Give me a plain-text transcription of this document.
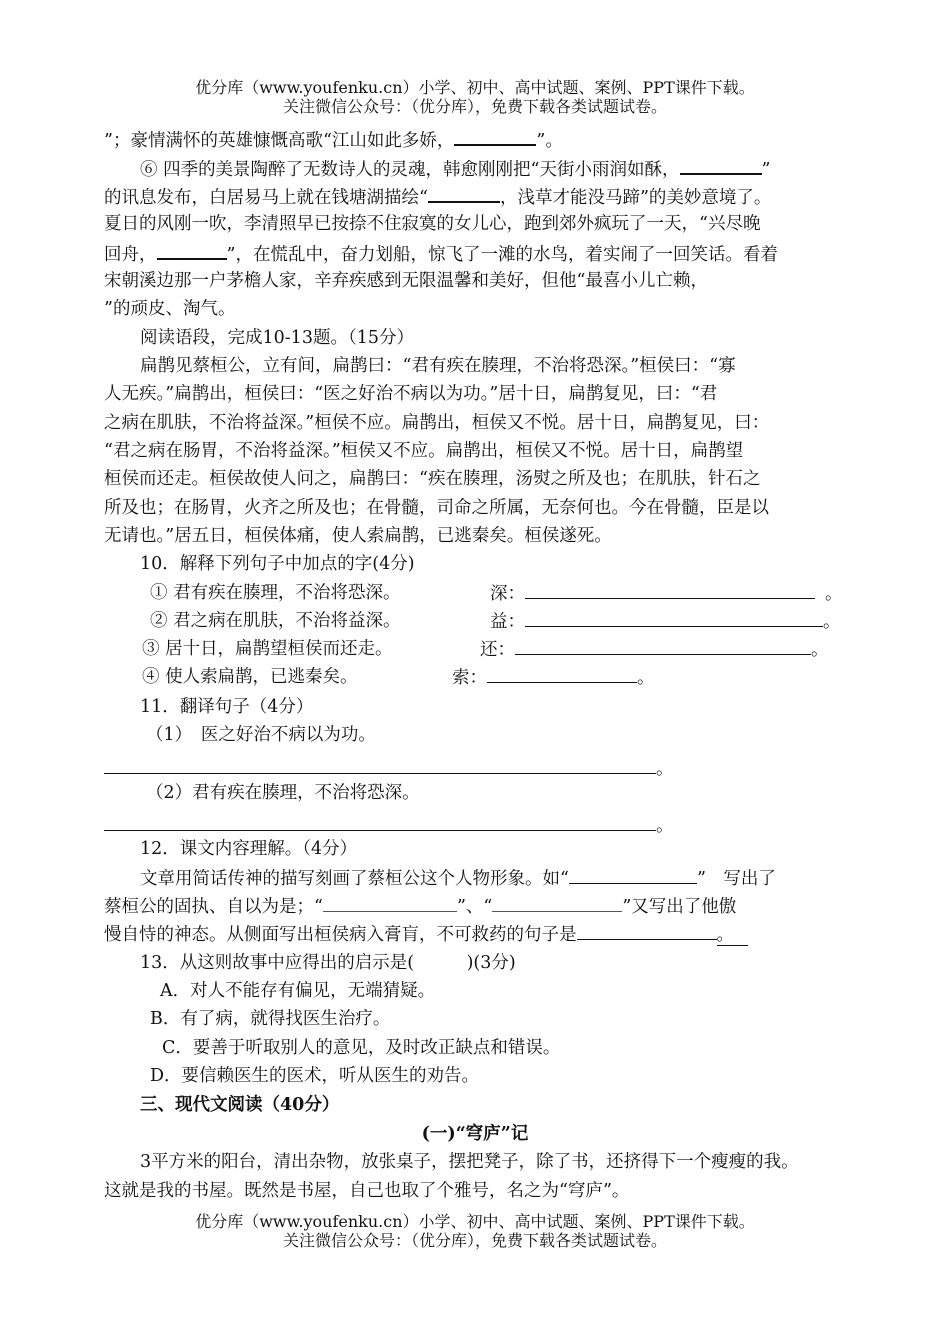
优分库（www.youfenku.cn）小学、初中、高中试题、案例、PPT课件下载。
关注微信公众号：（优分库），免费下载各类试题试卷。
”；豪情满怀的英雄慷慨高歌“江山如此多娇，	”。
⑥ 四季的美景陶醉了无数诗人的灵魂，韩愈刚刚把“天街小雨润如酥，	”
的讯息发布，白居易马上就在钱塘湖描绘“	，浅草才能没马蹄”的美妙意境了。
夏日的风刚一吹，李清照早已按捺不住寂寞的女儿心，跑到郊外疯玩了一天，“兴尽晚
回舟，	”，在慌乱中，奋力划船，惊飞了一滩的水鸟，着实闹了一回笑话。看着
宋朝溪边那一户茅檐人家，辛弃疾感到无限温馨和美好，但他“最喜小儿亡赖，
”的顽皮、淘气。
阅读语段，完成10-13题。（15分）
扁鹊见蔡桓公，立有间，扁鹊曰：“君有疾在腠理，不治将恐深。”桓侯曰：“寡
人无疾。”扁鹊出，桓侯曰：“医之好治不病以为功。”居十日，扁鹊复见，曰：“君
之病在肌肤，不治将益深。”桓侯不应。扁鹊出，桓侯又不悦。居十日，扁鹊复见，曰：
“君之病在肠胃，不治将益深。”桓侯又不应。扁鹊出，桓侯又不悦。居十日，扁鹊望
桓侯而还走。桓侯故使人问之，扁鹊曰：“疾在腠理，汤熨之所及也；在肌肤，针石之
所及也；在肠胃，火齐之所及也；在骨髓，司命之所属，无奈何也。今在骨髓，臣是以
无请也。”居五日，桓侯体痛，使人索扁鹊，已逃秦矣。桓侯遂死。
10．解释下列句子中加点的字(4分)
① 君有疾在腠理，不治将恐深。	深：	。
② 君之病在肌肤，不治将益深。	益：	。
③ 居十日，扁鹊望桓侯而还走。	还：	。
④ 使人索扁鹊，已逃秦矣。	索：	。
11．翻译句子（4分）
（1）　医之好治不病以为功。
。
（2）君有疾在腠理，不治将恐深。
。
12．课文内容理解。（4分）
文章用简话传神的描写刻画了蔡桓公这个人物形象。如“	”　写出了
蔡桓公的固执、自以为是；“	”、“	”又写出了他傲
慢自恃的神态。从侧面写出桓侯病入膏肓，不可救药的句子是	。
13．从这则故事中应得出的启示是(　　　)(3分)
A．对人不能存有偏见，无端猜疑。
B．有了病，就得找医生治疗。
C．要善于听取别人的意见，及时改正缺点和错误。
D．要信赖医生的医术，听从医生的劝告。
三、现代文阅读（40分）
(一)“穹庐”记
3平方米的阳台，清出杂物，放张桌子，摆把凳子，除了书，还挤得下一个瘦瘦的我。
这就是我的书屋。既然是书屋，自己也取了个雅号，名之为“穹庐”。
优分库（www.youfenku.cn）小学、初中、高中试题、案例、PPT课件下载。
关注微信公众号：（优分库），免费下载各类试题试卷。
